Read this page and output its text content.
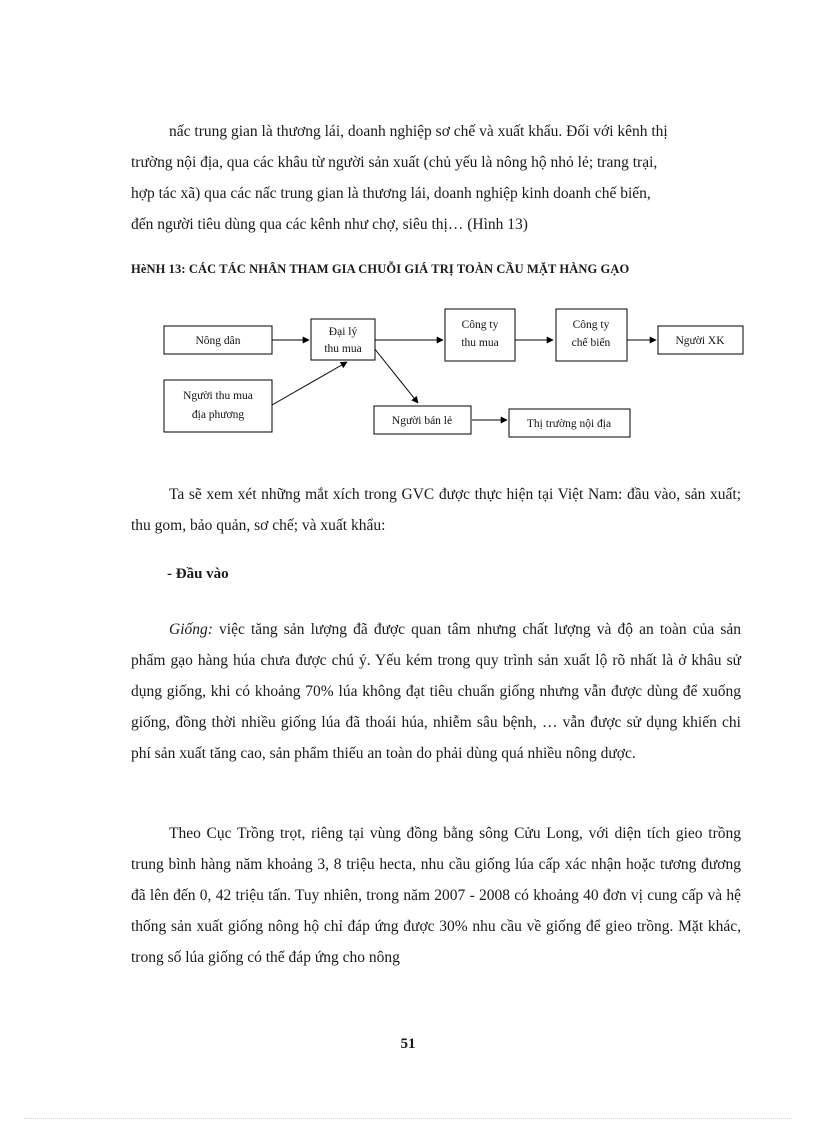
nấc trung gian là thương lái, doanh nghiệp sơ chế và xuất khẩu. Đối với kênh thị
trường nội địa, qua các khâu từ người sản xuất (chủ yếu là nông hộ nhỏ lẻ; trang trại,
hợp tác xã) qua các nấc trung gian là thương lái, doanh nghiệp kinh doanh chế biến,
đến người tiêu dùng qua các kênh như chợ, siêu thị… (Hình 13)
HèNH 13: CÁC TÁC NHÂN THAM GIA CHUỖI GIÁ TRỊ TOÀN CẦU MẶT HÀNG GẠO
Nông dân
Đại lý
thu mua
Công ty
thu mua
Công ty
chế biến	Người XK
Người thu mua
địa phương	Người bán lẻ	Thị trường nội địa

Ta sẽ xem xét những mắt xích trong GVC được thực hiện tại Việt Nam: đầu vào, sản xuất; thu gom, bảo quản, sơ chế; và xuất khẩu:

- Đầu vào

Giống: việc tăng sản lượng đã được quan tâm nhưng chất lượng và độ an toàn của sản phẩm gạo hàng húa chưa được chú ý. Yếu kém trong quy trình sản xuất lộ rõ nhất là ở khâu sử dụng giống, khi có khoảng 70% lúa không đạt tiêu chuẩn giống nhưng vẫn được dùng để xuống giống, đồng thời nhiều giống lúa đã thoái húa, nhiễm sâu bệnh, … vẫn được sử dụng khiến chi phí sản xuất tăng cao, sản phẩm thiếu an toàn do phải dùng quá nhiều nông dược.

Theo Cục Trồng trọt, riêng tại vùng đồng bằng sông Cửu Long, với diện tích gieo trồng trung bình hàng năm khoảng 3, 8 triệu hecta, nhu cầu giống lúa cấp xác nhận hoặc tương đương đã lên đến 0, 42 triệu tấn. Tuy nhiên, trong năm 2007 - 2008 có khoảng 40 đơn vị cung cấp và hệ thống sản xuất giống nông hộ chỉ đáp ứng được 30% nhu cầu về giống để gieo trồng. Mặt khác, trong số lúa giống có thể đáp ứng cho nông

51
